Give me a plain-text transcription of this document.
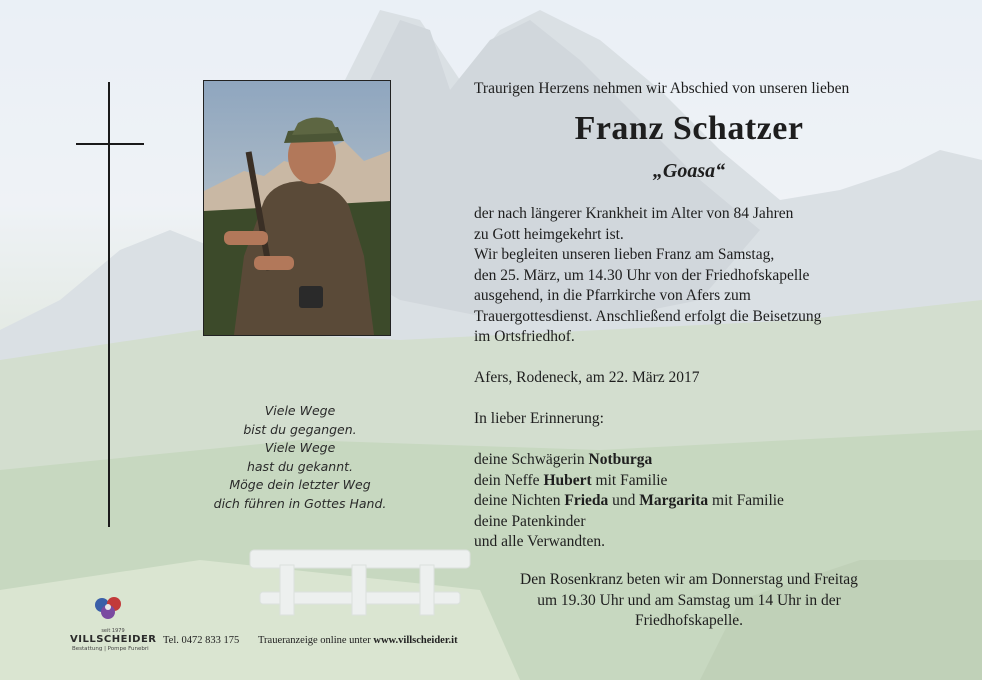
Viele Wege
bist du gegangen.
Viele Wege
hast du gekannt.
Möge dein letzter Weg
dich führen in Gottes Hand.
Traurigen Herzens nehmen wir Abschied von unseren lieben
Franz Schatzer
„Goasa“
der nach längerer Krankheit im Alter von 84 Jahren
zu Gott heimgekehrt ist.
Wir begleiten unseren lieben Franz am Samstag,
den 25. März, um 14.30 Uhr von der Friedhofskapelle
ausgehend, in die Pfarrkirche von Afers zum
Trauergottesdienst. Anschließend erfolgt die Beisetzung
im Ortsfriedhof.
Afers, Rodeneck, am 22. März 2017
In lieber Erinnerung:
deine Schwägerin Notburga
dein Neffe Hubert mit Familie
deine Nichten Frieda und Margarita mit Familie
deine Patenkinder
und alle Verwandten.
Den Rosenkranz beten wir am Donnerstag und Freitag
um 19.30 Uhr und am Samstag um 14 Uhr in der
Friedhofskapelle.
seit 1979
VILLSCHEIDER
Bestattung | Pompe Funebri
Tel. 0472 833 175 Traueranzeige online unter www.villscheider.it
